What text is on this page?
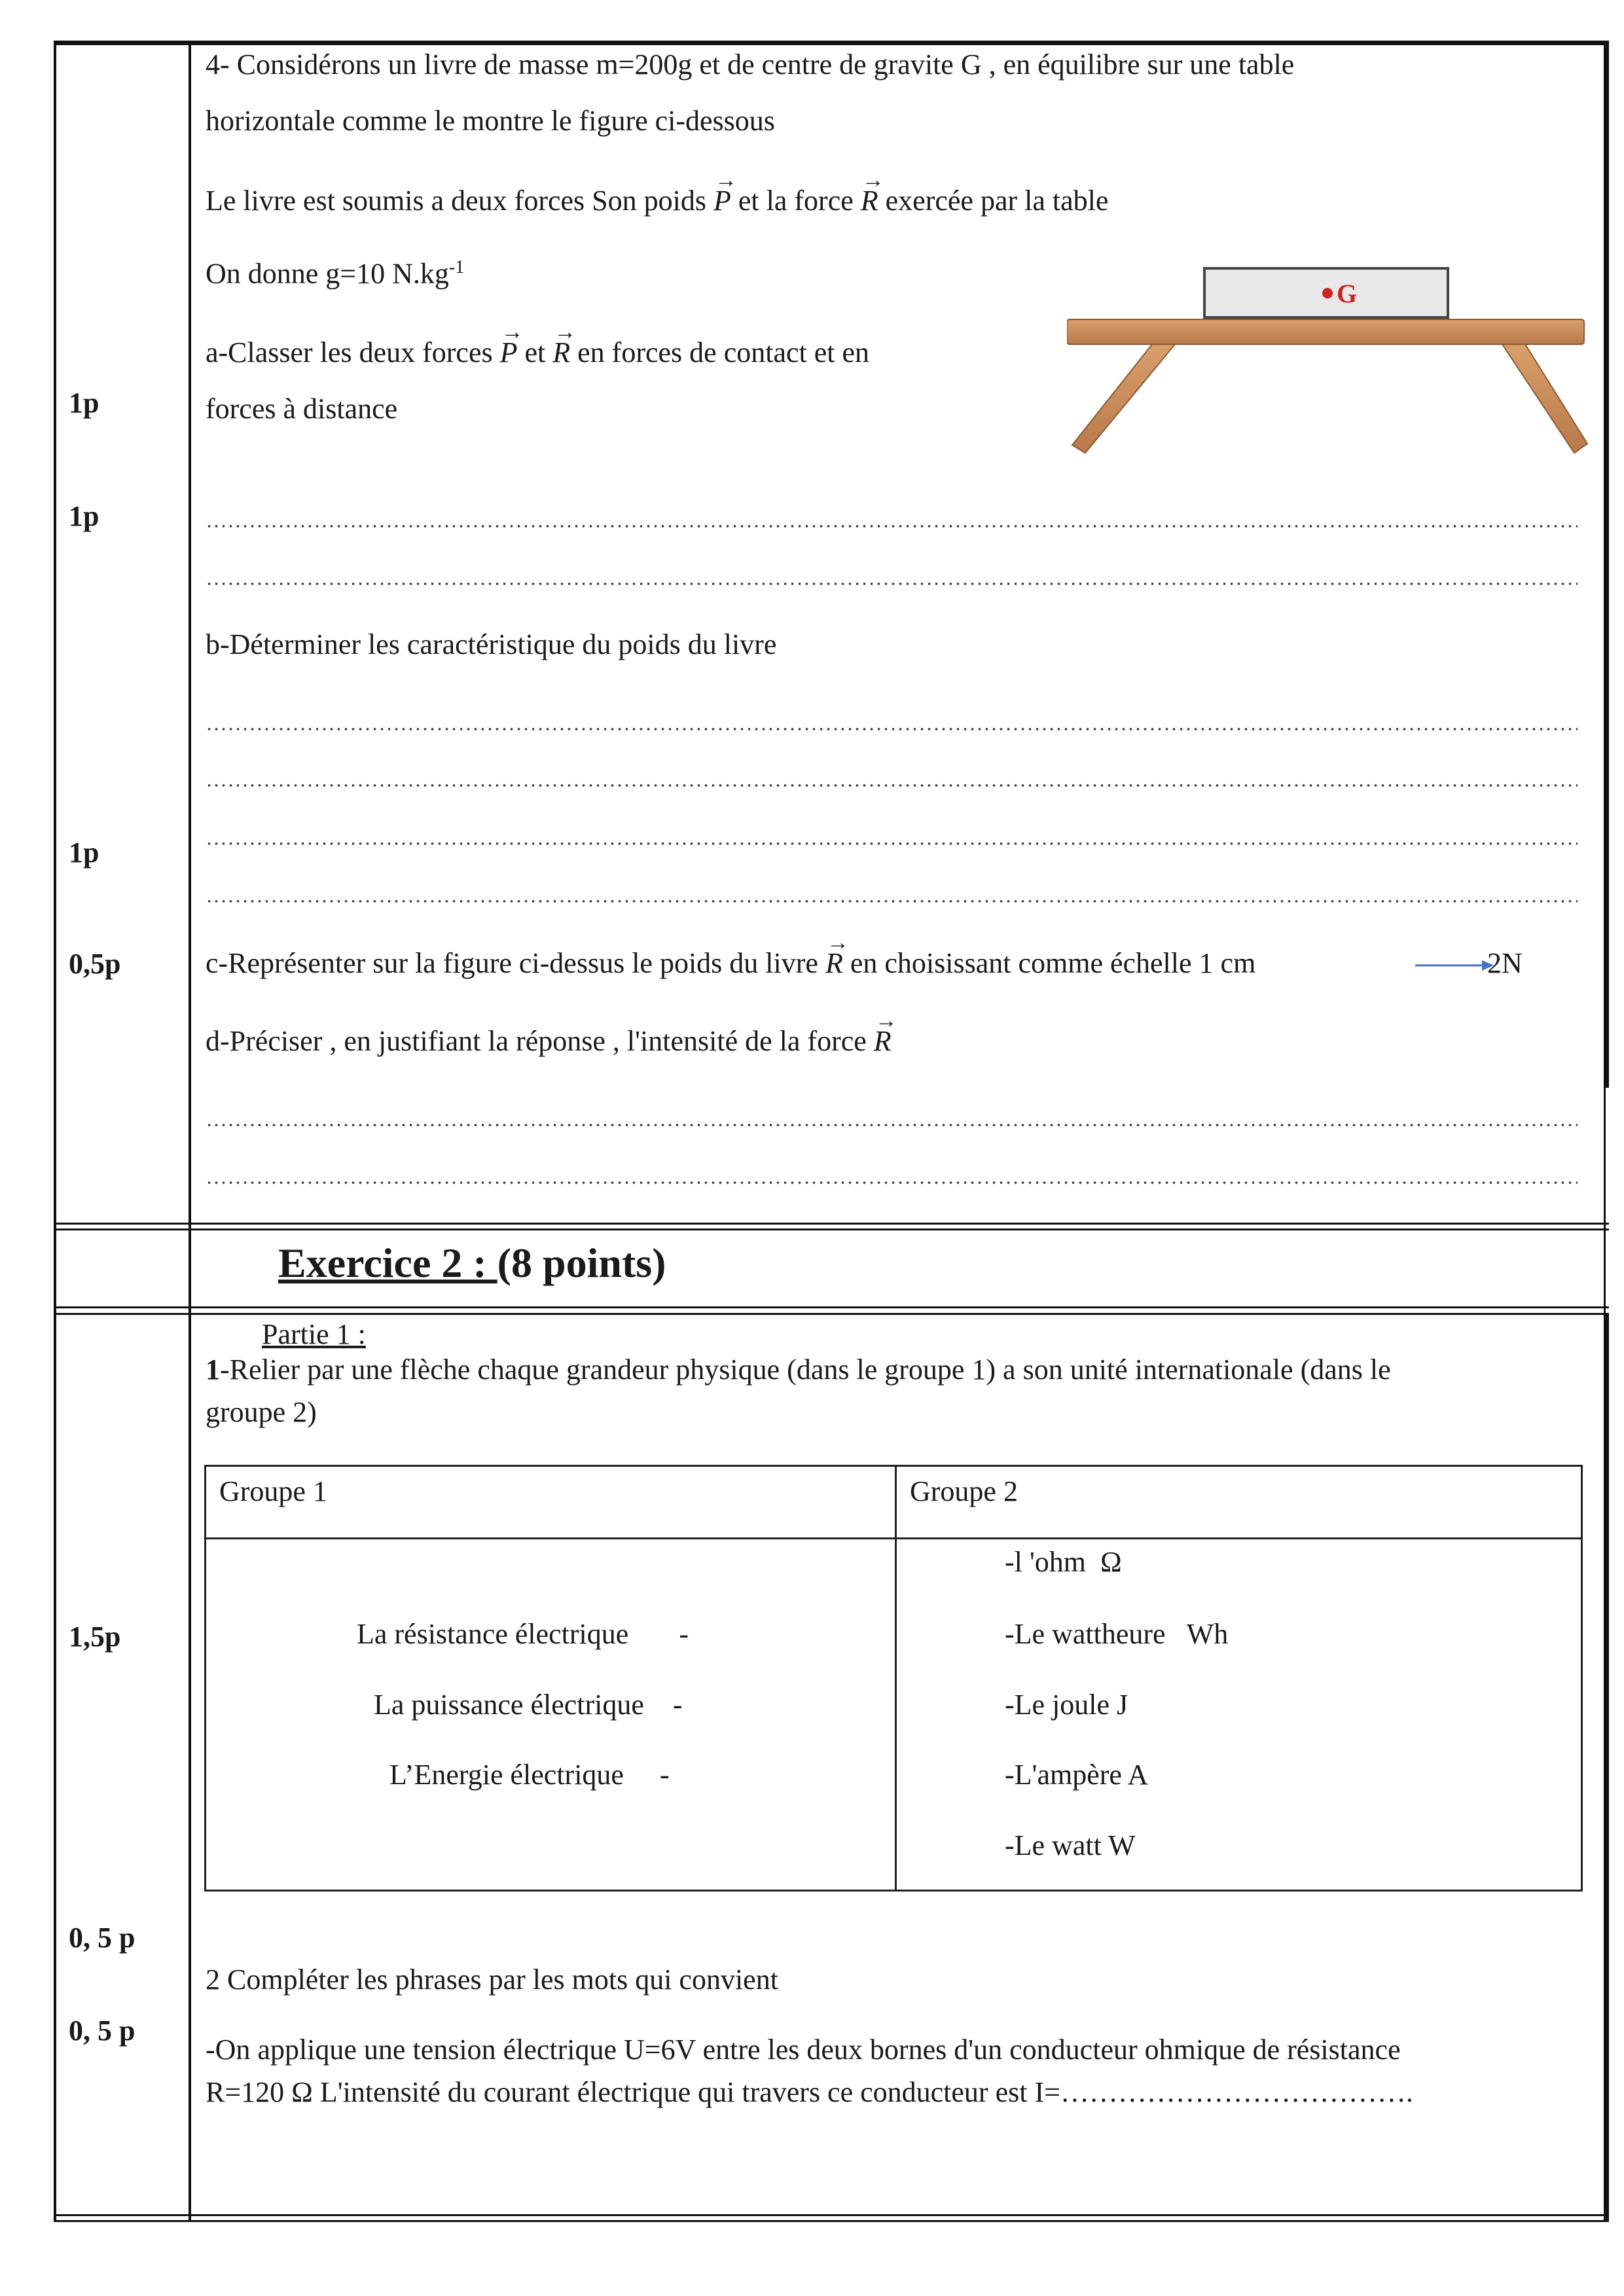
1p
1p
1p
0,5p
1,5p
0, 5 p
0, 5 p
4- Considérons un livre de masse m=200g et de centre de gravite G , en équilibre sur une table
horizontale comme le montre le figure ci-dessous
Le livre est soumis a deux forces Son poids → P et la force → R exercée par la table
On donne g=10 $N.kg^{-1}$
a-Classer les deux forces → P et → R en forces de contact et en
forces à distance
G
b-Déterminer les caractéristique du poids du livre
c-Représenter sur la figure ci-dessus le poids du livre → R en choisissant comme échelle 1 cm	2N
d-Préciser , en justifiant la réponse , l'intensité de la force → R
Exercice 2 : (8 points)
Partie 1 :
1-Relier par une flèche chaque grandeur physique (dans le groupe 1) a son unité internationale (dans le
groupe 2)
Groupe 1	Groupe 2
La résistance électrique       -
La puissance électrique    -
L’Energie électrique     -
-l 'ohm  Ω
-Le wattheure   Wh
-Le joule J
-L'ampère A
-Le watt W
2 Compléter les phrases par les mots qui convient
-On applique une tension électrique U=6V entre les deux bornes d'un conducteur ohmique de résistance
R=120 Ω L'intensité du courant électrique qui travers ce conducteur est I=……………………………….
